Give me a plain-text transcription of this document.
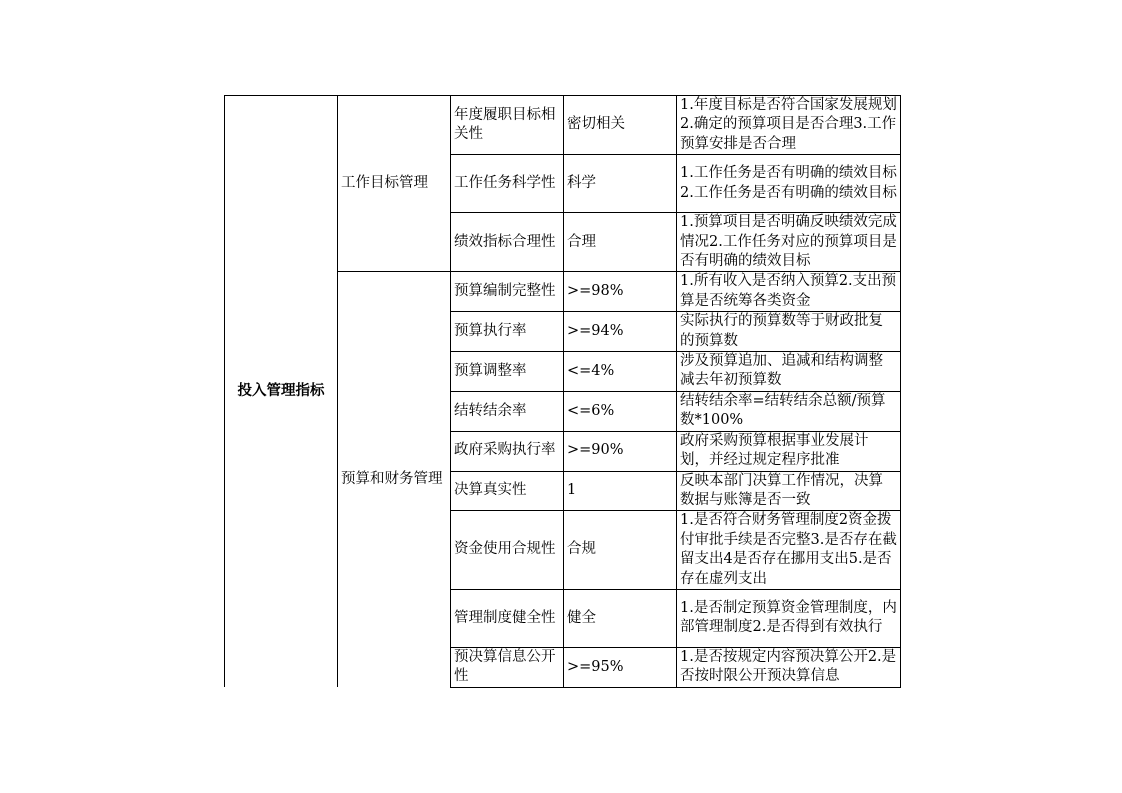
投入管理指标	工作目标管理	年度履职目标相关性	密切相关	1.年度目标是否符合国家发展规划2.确定的预算项目是否合理3.工作预算安排是否合理

		工作任务科学性	科学	1.工作任务是否有明确的绩效目标2.工作任务是否有明确的绩效目标

		绩效指标合理性	合理	1.预算项目是否明确反映绩效完成情况2.工作任务对应的预算项目是否有明确的绩效目标

	预算和财务管理	预算编制完整性	>=98%	1.所有收入是否纳入预算2.支出预算是否统筹各类资金

		预算执行率	>=94%	实际执行的预算数等于财政批复的预算数

		预算调整率	<=4%	涉及预算追加、追减和结构调整减去年初预算数

		结转结余率	<=6%	结转结余率=结转结余总额/预算数*100%

		政府采购执行率	>=90%	政府采购预算根据事业发展计划，并经过规定程序批准

		决算真实性	1	反映本部门决算工作情况，决算数据与账簿是否一致

		资金使用合规性	合规	1.是否符合财务管理制度2资金拨付审批手续是否完整3.是否存在截留支出4是否存在挪用支出5.是否存在虚列支出

		管理制度健全性	健全	1.是否制定预算资金管理制度，内部管理制度2.是否得到有效执行

		预决算信息公开性	>=95%	1.是否按规定内容预决算公开2.是否按时限公开预决算信息
